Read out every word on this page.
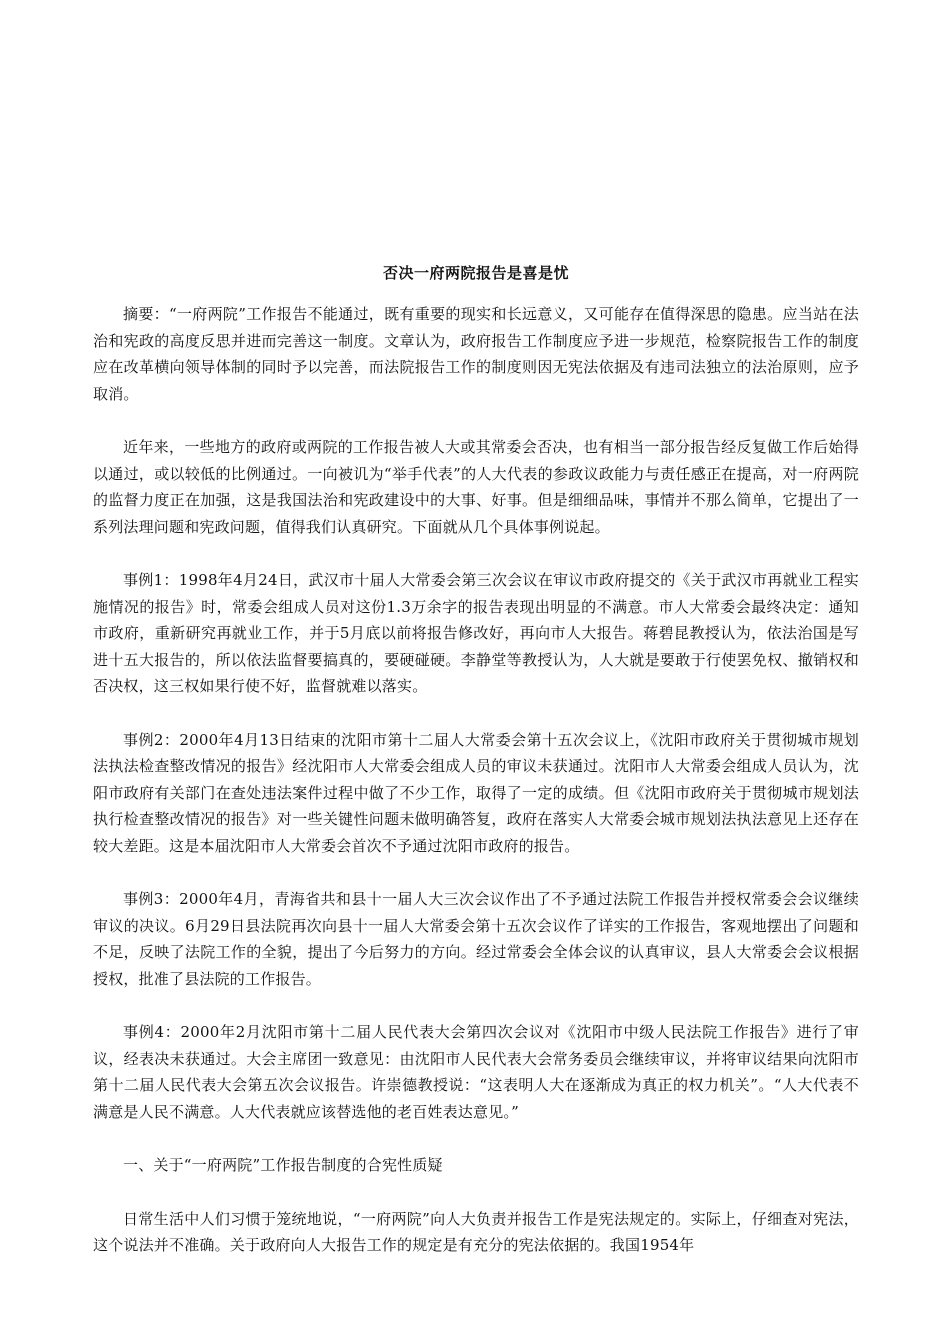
否决一府两院报告是喜是忧

摘要：“一府两院”工作报告不能通过，既有重要的现实和长远意义，又可能存在值得深思的隐患。应当站在法治和宪政的高度反思并进而完善这一制度。文章认为，政府报告工作制度应予进一步规范，检察院报告工作的制度应在改革横向领导体制的同时予以完善，而法院报告工作的制度则因无宪法依据及有违司法独立的法治原则，应予取消。

近年来，一些地方的政府或两院的工作报告被人大或其常委会否决，也有相当一部分报告经反复做工作后始得以通过，或以较低的比例通过。一向被讥为“举手代表”的人大代表的参政议政能力与责任感正在提高，对一府两院的监督力度正在加强，这是我国法治和宪政建设中的大事、好事。但是细细品味，事情并不那么简单，它提出了一系列法理问题和宪政问题，值得我们认真研究。下面就从几个具体事例说起。

事例1：1998年4月24日，武汉市十届人大常委会第三次会议在审议市政府提交的《关于武汉市再就业工程实施情况的报告》时，常委会组成人员对这份1.3万余字的报告表现出明显的不满意。市人大常委会最终决定：通知市政府，重新研究再就业工作，并于5月底以前将报告修改好，再向市人大报告。蒋碧昆教授认为，依法治国是写进十五大报告的，所以依法监督要搞真的，要硬碰硬。李静堂等教授认为，人大就是要敢于行使罢免权、撤销权和否决权，这三权如果行使不好，监督就难以落实。

事例2：2000年4月13日结束的沈阳市第十二届人大常委会第十五次会议上，《沈阳市政府关于贯彻城市规划法执法检查整改情况的报告》经沈阳市人大常委会组成人员的审议未获通过。沈阳市人大常委会组成人员认为，沈阳市政府有关部门在查处违法案件过程中做了不少工作，取得了一定的成绩。但《沈阳市政府关于贯彻城市规划法执行检查整改情况的报告》对一些关键性问题未做明确答复，政府在落实人大常委会城市规划法执法意见上还存在较大差距。这是本届沈阳市人大常委会首次不予通过沈阳市政府的报告。

事例3：2000年4月，青海省共和县十一届人大三次会议作出了不予通过法院工作报告并授权常委会会议继续审议的决议。6月29日县法院再次向县十一届人大常委会第十五次会议作了详实的工作报告，客观地摆出了问题和不足，反映了法院工作的全貌，提出了今后努力的方向。经过常委会全体会议的认真审议，县人大常委会会议根据授权，批准了县法院的工作报告。

事例4：2000年2月沈阳市第十二届人民代表大会第四次会议对《沈阳市中级人民法院工作报告》进行了审议，经表决未获通过。大会主席团一致意见：由沈阳市人民代表大会常务委员会继续审议，并将审议结果向沈阳市第十二届人民代表大会第五次会议报告。许崇德教授说：“这表明人大在逐渐成为真正的权力机关”。“人大代表不满意是人民不满意。人大代表就应该替选他的老百姓表达意见。”

一、关于“一府两院”工作报告制度的合宪性质疑

日常生活中人们习惯于笼统地说，“一府两院”向人大负责并报告工作是宪法规定的。实际上，仔细查对宪法，这个说法并不准确。关于政府向人大报告工作的规定是有充分的宪法依据的。我国1954年
